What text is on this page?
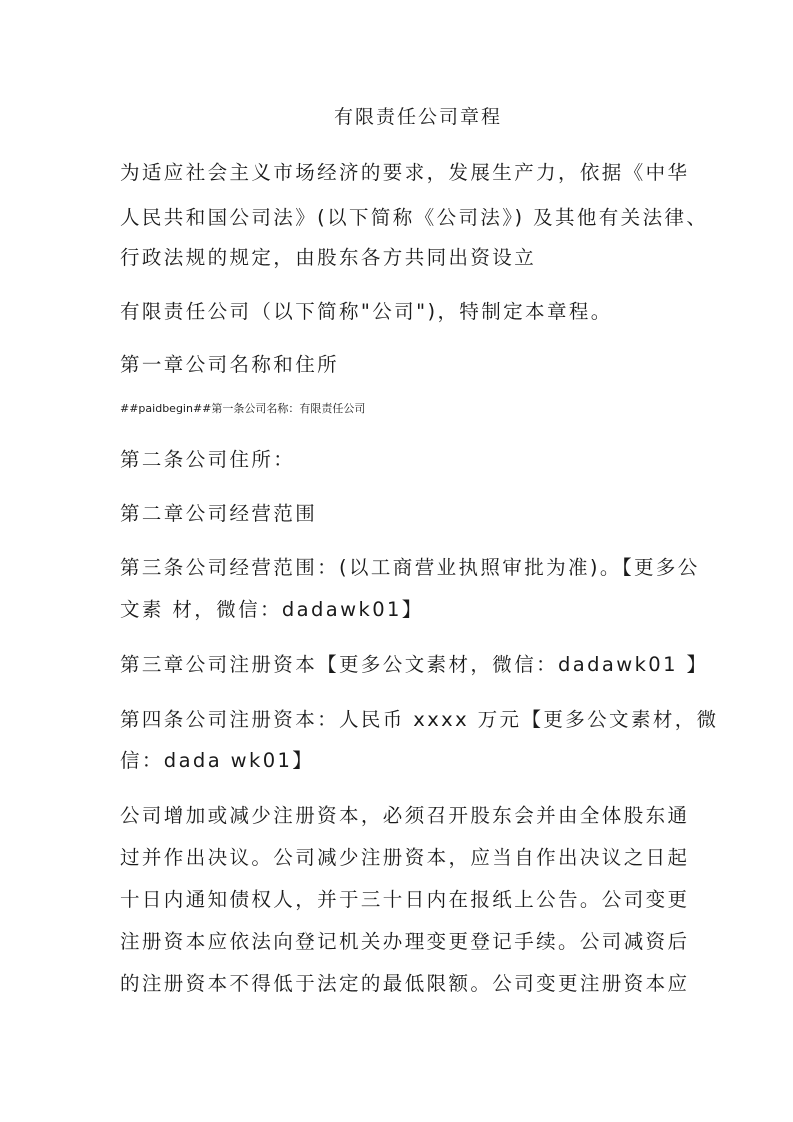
有限责任公司章程
为适应社会主义市场经济的要求，发展生产力，依据《中华
人民共和国公司法》(以下简称《公司法》) 及其他有关法律、
行政法规的规定，由股东各方共同出资设立
有限责任公司（以下简称"公司")，特制定本章程。
第一章公司名称和住所
##paidbegin##第一条公司名称：有限责任公司
第二条公司住所：
第二章公司经营范围
第三条公司经营范围：(以工商营业执照审批为准)。【更多公
文素 材，微信：dadawk01】
第三章公司注册资本【更多公文素材，微信：dadawk01 】
第四条公司注册资本：人民币 xxxx 万元【更多公文素材，微
信：dada wk01】
公司增加或减少注册资本，必须召开股东会并由全体股东通
过并作出决议。公司减少注册资本，应当自作出决议之日起
十日内通知债权人，并于三十日内在报纸上公告。公司变更
注册资本应依法向登记机关办理变更登记手续。公司减资后
的注册资本不得低于法定的最低限额。公司变更注册资本应
